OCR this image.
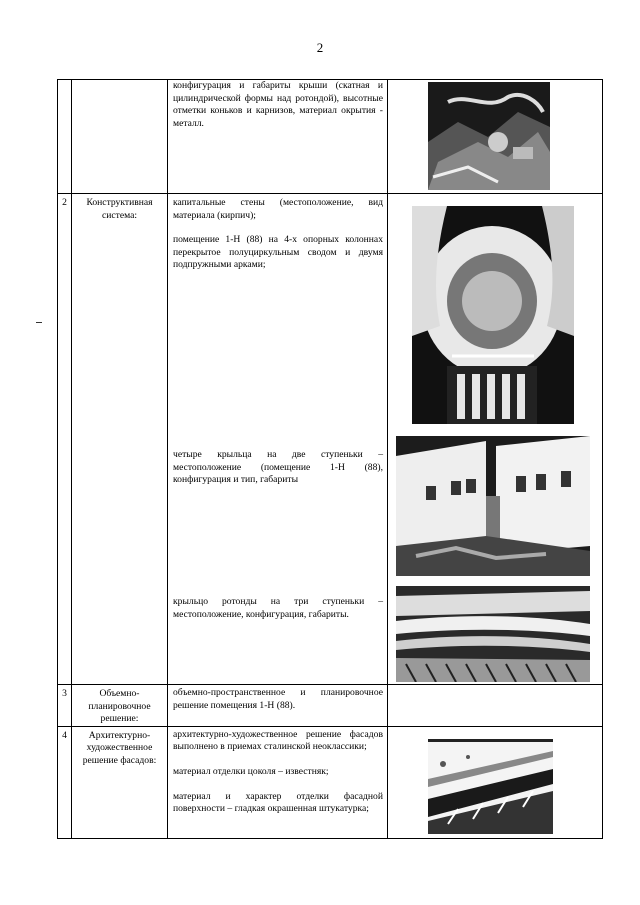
2

		конфигурация и габариты крыши (скатная и цилиндрической формы над ротондой), высотные отметки коньков и карнизов, материал окрытия - металл.

2	Конструктивная система:	капитальные стены (местоположение, вид материала (кирпич);

помещение 1-Н (88) на 4-х опорных колоннах перекрытое полуциркульным сводом и двумя подпружными арками;

четыре крыльца на две ступеньки – местоположение (помещение 1-Н (88), конфигурация и тип, габариты

крыльцо ротонды на три ступеньки – местоположение, конфигурация, габариты.

3	Объемно-планировочное решение:	объемно-пространственное и планировочное решение помещения 1-Н (88).	

4	Архитектурно-художественное решение фасадов:	архитектурно-художественное решение фасадов выполнено в приемах сталинской неоклассики;

материал отделки цоколя – известняк;

материал и характер отделки фасадной поверхности – гладкая окрашенная штукатурка;
